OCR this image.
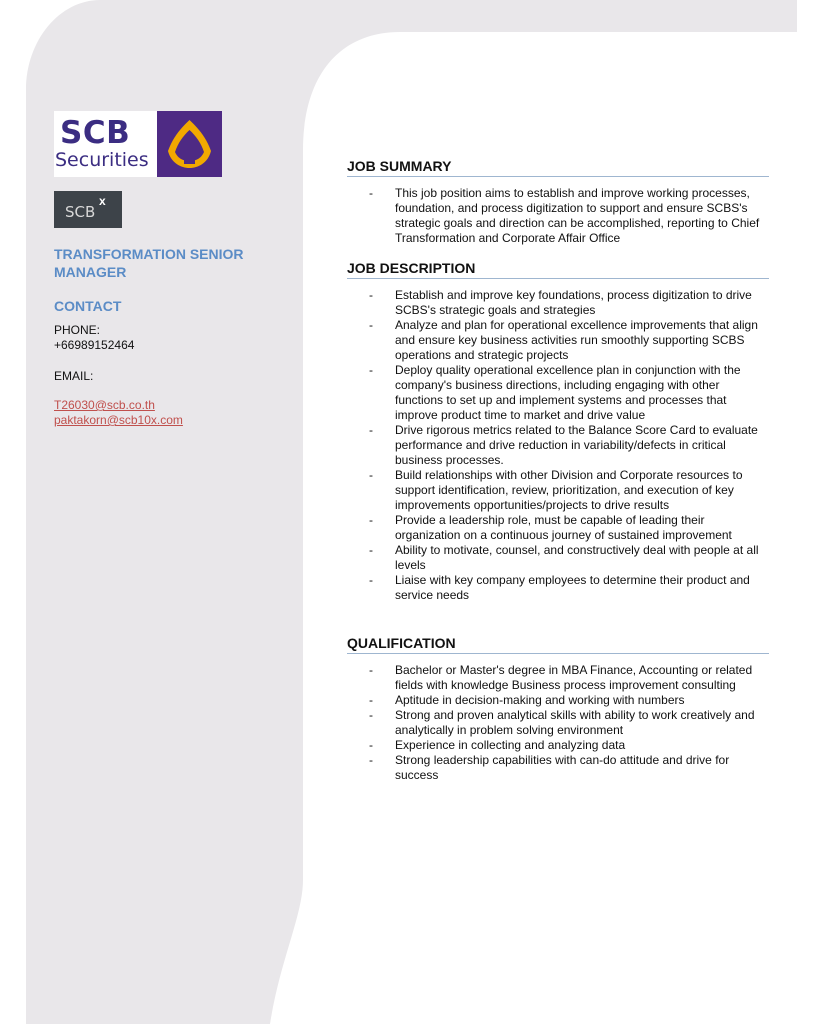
SCB
Securities
SCB
x
TRANSFORMATION SENIOR MANAGER
CONTACT
PHONE:
+66989152464
EMAIL:
T26030@scb.co.th
paktakorn@scb10x.com
JOB SUMMARY
- This job position aims to establish and improve working processes, foundation, and process digitization to support and ensure SCBS's strategic goals and direction can be accomplished, reporting to Chief Transformation and Corporate Affair Office
JOB DESCRIPTION
- Establish and improve key foundations, process digitization to drive SCBS's strategic goals and strategies
- Analyze and plan for operational excellence improvements that align and ensure key business activities run smoothly supporting SCBS operations and strategic projects
- Deploy quality operational excellence plan in conjunction with the company's business directions, including engaging with other functions to set up and implement systems and processes that improve product time to market and drive value
- Drive rigorous metrics related to the Balance Score Card to evaluate performance and drive reduction in variability/defects in critical business processes.
- Build relationships with other Division and Corporate resources to support identification, review, prioritization, and execution of key improvements opportunities/projects to drive results
- Provide a leadership role, must be capable of leading their organization on a continuous journey of sustained improvement
- Ability to motivate, counsel, and constructively deal with people at all levels
- Liaise with key company employees to determine their product and service needs
QUALIFICATION
- Bachelor or Master's degree in MBA Finance, Accounting or related fields with knowledge Business process improvement consulting
- Aptitude in decision-making and working with numbers
- Strong and proven analytical skills with ability to work creatively and analytically in problem solving environment
- Experience in collecting and analyzing data
- Strong leadership capabilities with can-do attitude and drive for success
